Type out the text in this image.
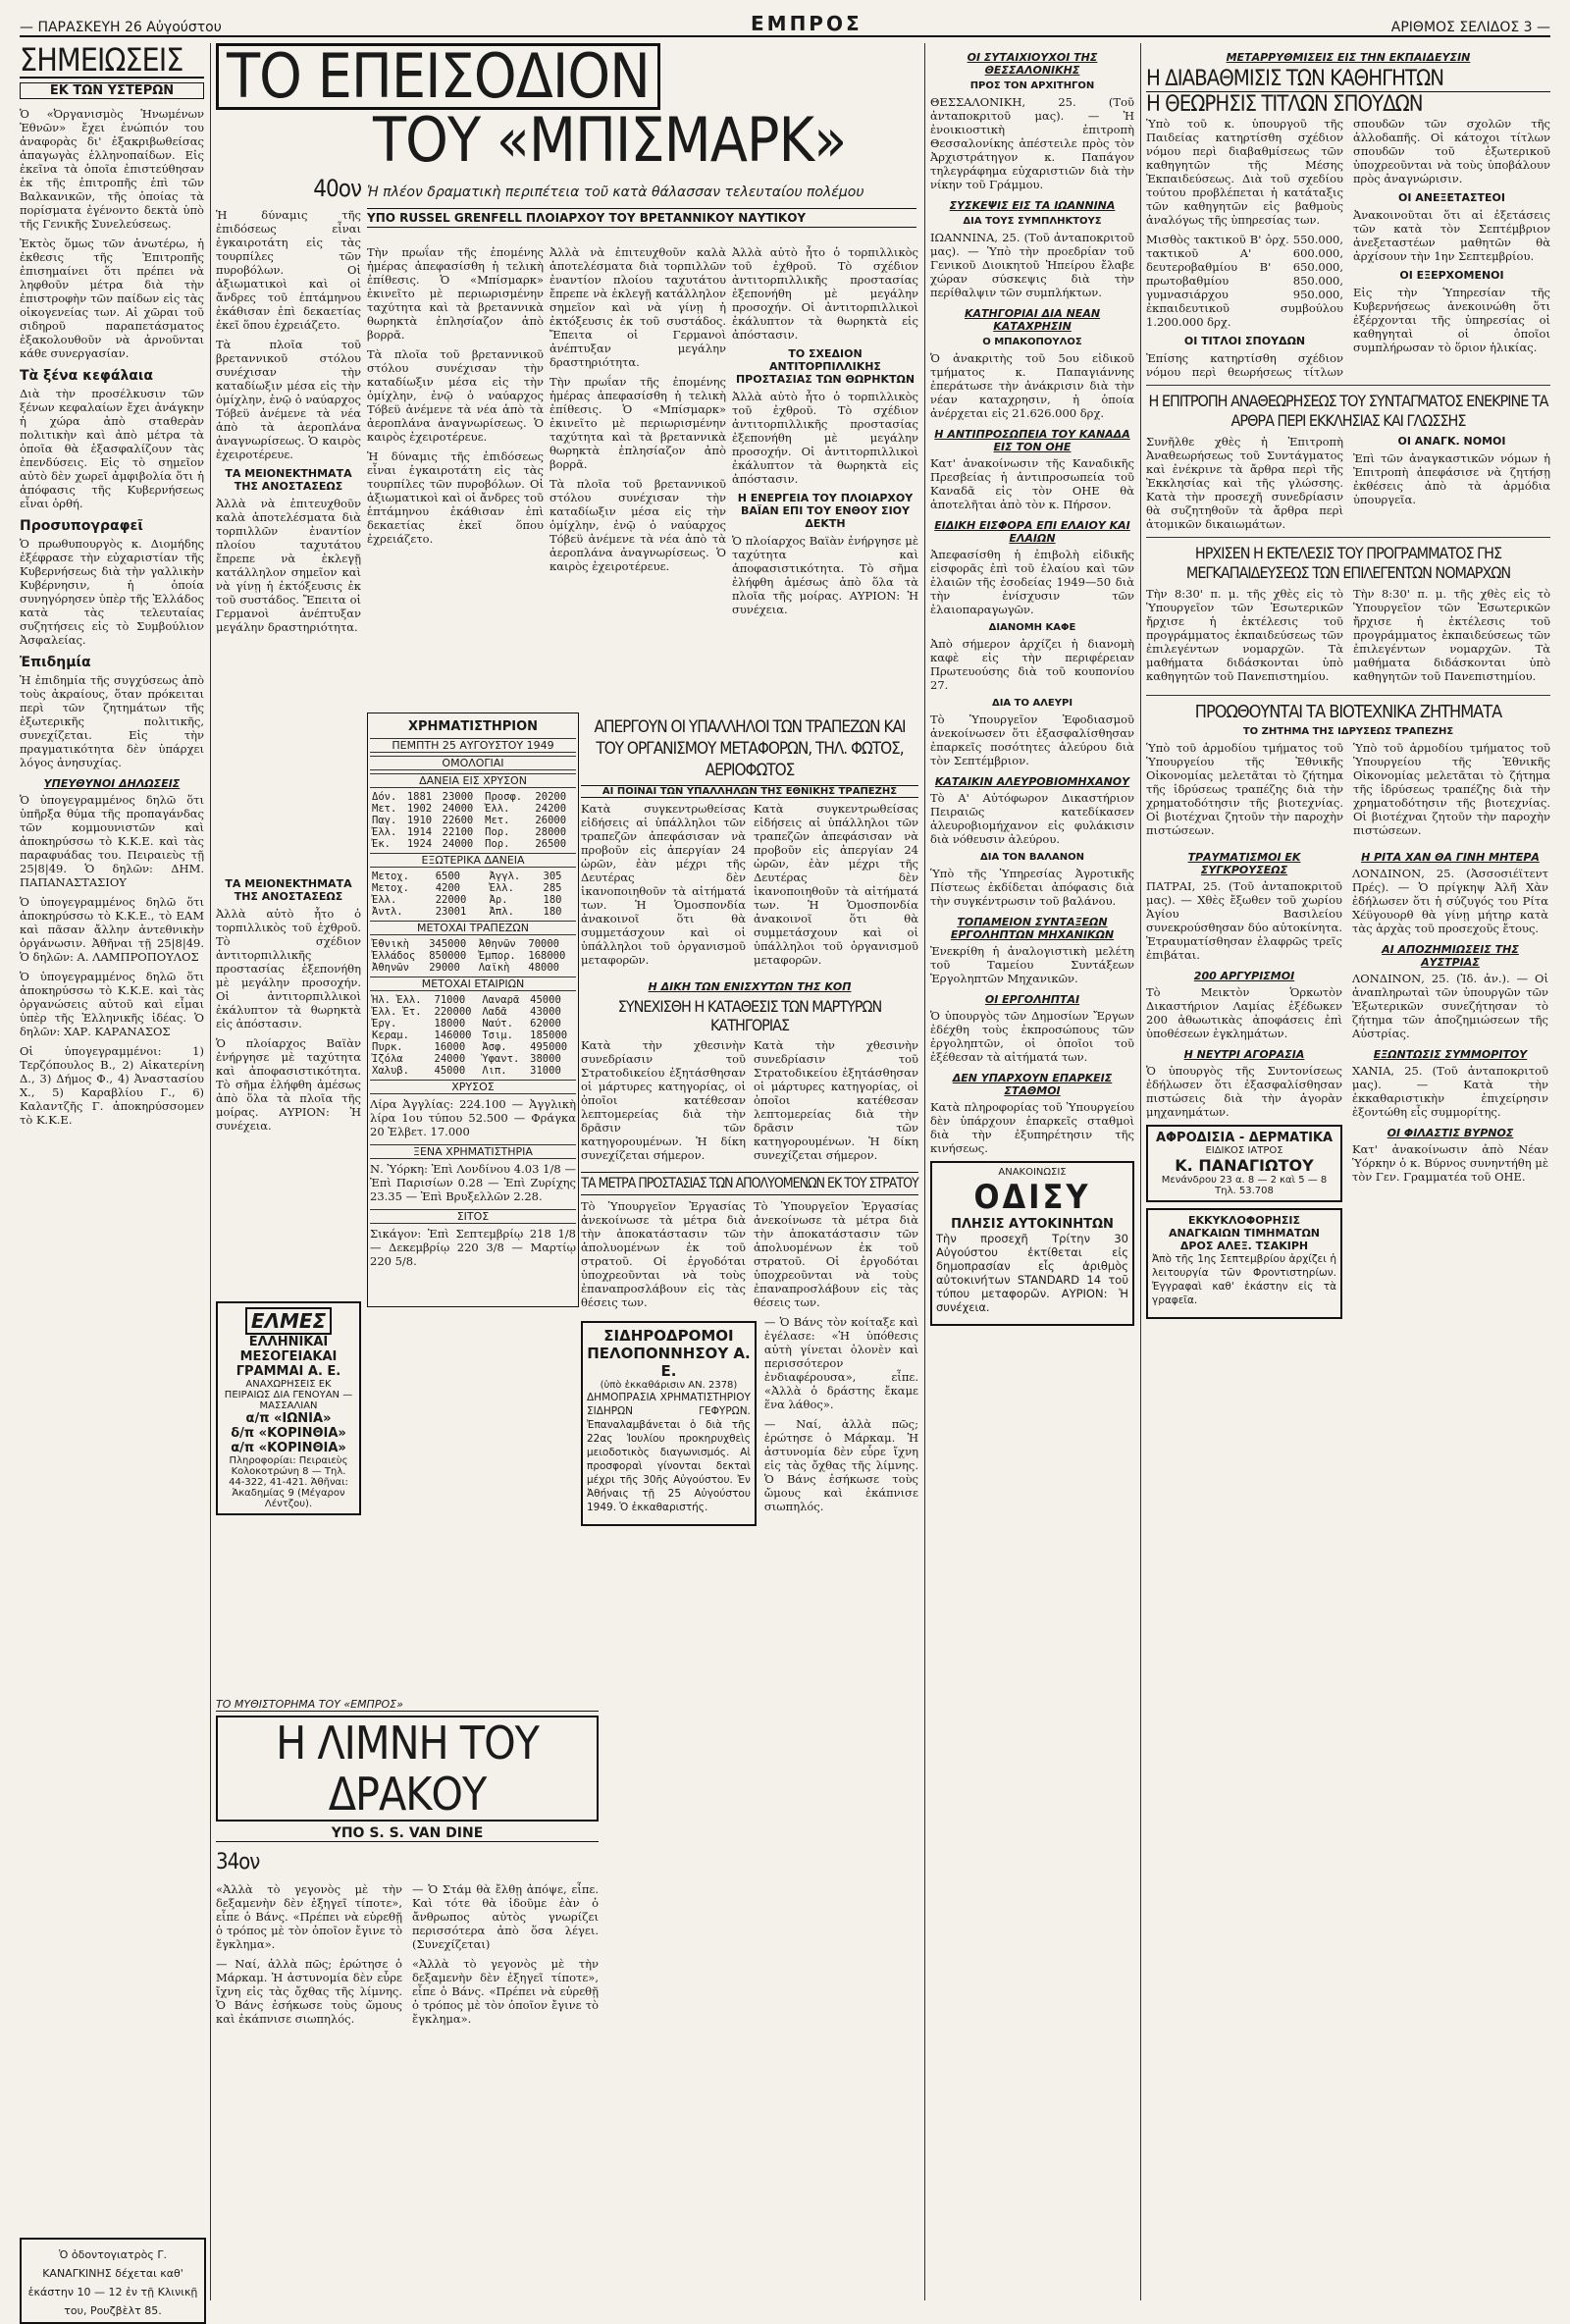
— ΠΑΡΑΣΚΕΥΗ 26 Αὐγούστου	ΕΜΠΡΟΣ	ΑΡΙΘΜΟΣ ΣΕΛΙΔΟΣ 3 —
ΣΗΜΕΙΩΣΕΙΣ
ΕΚ ΤΩΝ ΥΣΤΕΡΩΝ

Ὁ «Ὀργανισμὸς Ἡνωμένων Ἐθνῶν» ἔχει ἐνώπιόν του ἀναφορὰς δι' ἐξακριβωθείσας ἀπαγωγὰς ἑλληνοπαίδων. Εἰς ἐκεῖνα τὰ ὁποῖα ἐπιστεύθησαν ἐκ τῆς ἐπιτροπῆς ἐπὶ τῶν Βαλκανικῶν, τῆς ὁποίας τὰ πορίσματα ἐγένοντο δεκτὰ ὑπὸ τῆς Γενικῆς Συνελεύσεως.

Ἐκτὸς ὅμως τῶν ἀνωτέρω, ἡ ἐκθεσις τῆς Ἐπιτροπῆς ἐπισημαίνει ὅτι πρέπει νὰ ληφθοῦν μέτρα διὰ τὴν ἐπιστροφὴν τῶν παίδων εἰς τὰς οἰκογενείας των. Αἱ χῶραι τοῦ σιδηροῦ παραπετάσματος ἐξακολουθοῦν νὰ ἀρνοῦνται κάθε συνεργασίαν.

Τὰ ξένα κεφάλαια

Διὰ τὴν προσέλκυσιν τῶν ξένων κεφαλαίων ἔχει ἀνάγκην ἡ χώρα ἀπὸ σταθερὰν πολιτικὴν καὶ ἀπὸ μέτρα τὰ ὁποῖα θὰ ἐξασφαλίζουν τὰς ἐπενδύσεις. Εἰς τὸ σημεῖον αὐτὸ δὲν χωρεῖ ἀμφιβολία ὅτι ἡ ἀπόφασις τῆς Κυβερνήσεως εἶναι ὀρθή.

Προσυπογραφεῖ

Ὁ πρωθυπουργὸς κ. Διομήδης ἐξέφρασε τὴν εὐχαριστίαν τῆς Κυβερνήσεως διὰ τὴν γαλλικὴν Κυβέρνησιν, ἡ ὁποία συνηγόρησεν ὑπὲρ τῆς Ἑλλάδος κατὰ τὰς τελευταίας συζητήσεις εἰς τὸ Συμβούλιον Ἀσφαλείας.

Ἐπιδημία

Ἡ ἐπιδημία τῆς συγχύσεως ἀπὸ τοὺς ἀκραίους, ὅταν πρόκειται περὶ τῶν ζητημάτων τῆς ἐξωτερικῆς πολιτικῆς, συνεχίζεται. Εἰς τὴν πραγματικότητα δὲν ὑπάρχει λόγος ἀνησυχίας.

ΥΠΕΥΘΥΝΟΙ ΔΗΛΩΣΕΙΣ

Ὁ ὑπογεγραμμένος δηλῶ ὅτι ὑπῆρξα θύμα τῆς προπαγάνδας τῶν κομμουνιστῶν καὶ ἀποκηρύσσω τὸ Κ.Κ.Ε. καὶ τὰς παραφυάδας του. Πειραιεὺς τῇ 25|8|49. Ὁ δηλῶν: ΔΗΜ. ΠΑΠΑΝΑΣΤΑΣΙΟΥ

Ὁ ὑπογεγραμμένος δηλῶ ὅτι ἀποκηρύσσω τὸ Κ.Κ.Ε., τὸ ΕΑΜ καὶ πᾶσαν ἄλλην ἀντεθνικὴν ὀργάνωσιν. Ἀθῆναι τῇ 25|8|49. Ὁ δηλῶν: Α. ΛΑΜΠΡΟΠΟΥΛΟΣ

Ὁ ὑπογεγραμμένος δηλῶ ὅτι ἀποκηρύσσω τὸ Κ.Κ.Ε. καὶ τὰς ὀργανώσεις αὐτοῦ καὶ εἶμαι ὑπὲρ τῆς Ἑλληνικῆς ἰδέας. Ὁ δηλῶν: ΧΑΡ. ΚΑΡΑΝΑΣΟΣ

Οἱ ὑπογεγραμμένοι: 1) Τερζόπουλος Β., 2) Αἰκατερίνη Δ., 3) Δήμος Φ., 4) Ἀναστασίου Χ., 5) Καραβλίου Γ., 6) Καλαντζῆς Γ. ἀποκηρύσσομεν τὸ Κ.Κ.Ε.

Ὁ ὀδοντογιατρὸς Γ. ΚΑΝΑΓΚΙΝΗΣ δέχεται καθ' ἑκάστην 10 — 12 ἐν τῇ Κλινικῇ του, Ρουζβὲλτ 85.
ΤΟ ΕΠΕΙΣΟΔΙΟΝ
ΤΟΥ «ΜΠΙΣΜΑΡΚ»
40ον

Ἡ δύναμις τῆς ἐπιδόσεως εἶναι ἐγκαιροτάτη εἰς τὰς τουρπίλες τῶν πυροβόλων. Οἱ ἀξιωματικοὶ καὶ οἱ ἄνδρες τοῦ ἑπτάμηνου ἐκάθισαν ἐπὶ δεκαετίας ἐκεῖ ὅπου ἐχρειάζετο.

Τὰ πλοῖα τοῦ βρεταννικοῦ στόλου συνέχισαν τὴν καταδίωξιν μέσα εἰς τὴν ὁμίχλην, ἐνῷ ὁ ναύαρχος Τόβεϋ ἀνέμενε τὰ νέα ἀπὸ τὰ ἀεροπλάνα ἀναγνωρίσεως. Ὁ καιρὸς ἐχειροτέρευε.

ΤΑ ΜΕΙΟΝΕΚΤΗΜΑΤΑ ΤΗΣ ΑΝΟΣΤΑΣΕΩΣ

Ἀλλὰ νὰ ἐπιτευχθοῦν καλὰ ἀποτελέσματα διὰ τορπιλλῶν ἐναντίον πλοίου ταχυτάτου ἔπρεπε νὰ ἐκλεγῇ κατάλληλον σημεῖον καὶ νὰ γίνῃ ἡ ἐκτόξευσις ἐκ τοῦ συστάδος. Ἔπειτα οἱ Γερμανοὶ ἀνέπτυξαν μεγάλην δραστηριότητα.

Ἡ πλέον δραματικὴ περιπέτεια τοῦ κατὰ θάλασσαν τελευταίου πολέμου
ΥΠΟ RUSSEL GRENFELL ΠΛΟΙΑΡΧΟΥ ΤΟΥ ΒΡΕΤΑΝΝΙΚΟΥ ΝΑΥΤΙΚΟΥ

Τὴν πρωΐαν τῆς ἐπομένης ἡμέρας ἀπεφασίσθη ἡ τελικὴ ἐπίθεσις. Ὁ «Μπίσμαρκ» ἐκινεῖτο μὲ περιωρισμένην ταχύτητα καὶ τὰ βρεταννικὰ θωρηκτὰ ἐπλησίαζον ἀπὸ βορρᾶ.

Τὰ πλοῖα τοῦ βρεταννικοῦ στόλου συνέχισαν τὴν καταδίωξιν μέσα εἰς τὴν ὁμίχλην, ἐνῷ ὁ ναύαρχος Τόβεϋ ἀνέμενε τὰ νέα ἀπὸ τὰ ἀεροπλάνα ἀναγνωρίσεως. Ὁ καιρὸς ἐχειροτέρευε.

Ἡ δύναμις τῆς ἐπιδόσεως εἶναι ἐγκαιροτάτη εἰς τὰς τουρπίλες τῶν πυροβόλων. Οἱ ἀξιωματικοὶ καὶ οἱ ἄνδρες τοῦ ἑπτάμηνου ἐκάθισαν ἐπὶ δεκαετίας ἐκεῖ ὅπου ἐχρειάζετο.

Ἀλλὰ νὰ ἐπιτευχθοῦν καλὰ ἀποτελέσματα διὰ τορπιλλῶν ἐναντίον πλοίου ταχυτάτου ἔπρεπε νὰ ἐκλεγῇ κατάλληλον σημεῖον καὶ νὰ γίνῃ ἡ ἐκτόξευσις ἐκ τοῦ συστάδος. Ἔπειτα οἱ Γερμανοὶ ἀνέπτυξαν μεγάλην δραστηριότητα.

Τὴν πρωΐαν τῆς ἐπομένης ἡμέρας ἀπεφασίσθη ἡ τελικὴ ἐπίθεσις. Ὁ «Μπίσμαρκ» ἐκινεῖτο μὲ περιωρισμένην ταχύτητα καὶ τὰ βρεταννικὰ θωρηκτὰ ἐπλησίαζον ἀπὸ βορρᾶ.

Τὰ πλοῖα τοῦ βρεταννικοῦ στόλου συνέχισαν τὴν καταδίωξιν μέσα εἰς τὴν ὁμίχλην, ἐνῷ ὁ ναύαρχος Τόβεϋ ἀνέμενε τὰ νέα ἀπὸ τὰ ἀεροπλάνα ἀναγνωρίσεως. Ὁ καιρὸς ἐχειροτέρευε.

Ἀλλὰ αὐτὸ ἦτο ὁ τορπιλλικὸς τοῦ ἐχθροῦ. Τὸ σχέδιον ἀντιτορπιλλικῆς προστασίας ἐξεπονήθη μὲ μεγάλην προσοχήν. Οἱ ἀντιτορπιλλικοὶ ἐκάλυπτον τὰ θωρηκτὰ εἰς ἀπόστασιν.

ΤΟ ΣΧΕΔΙΟΝ ΑΝΤΙΤΟΡΠΙΛΛΙΚΗΣ ΠΡΟΣΤΑΣΙΑΣ ΤΩΝ ΘΩΡΗΚΤΩΝ

Ἀλλὰ αὐτὸ ἦτο ὁ τορπιλλικὸς τοῦ ἐχθροῦ. Τὸ σχέδιον ἀντιτορπιλλικῆς προστασίας ἐξεπονήθη μὲ μεγάλην προσοχήν. Οἱ ἀντιτορπιλλικοὶ ἐκάλυπτον τὰ θωρηκτὰ εἰς ἀπόστασιν.

Η ΕΝΕΡΓΕΙΑ ΤΟΥ ΠΛΟΙΑΡΧΟΥ ΒΑΪΑΝ ΕΠΙ ΤΟΥ ΕΝΘΟΥ ΣΙΟΥ ΔΕΚΤΗ

Ὁ πλοίαρχος Βαϊὰν ἐνήργησε μὲ ταχύτητα καὶ ἀποφασιστικότητα. Τὸ σῆμα ἐλήφθη ἀμέσως ἀπὸ ὅλα τὰ πλοῖα τῆς μοίρας. ΑΥΡΙΟΝ: Ἡ συνέχεια.

ΧΡΗΜΑΤΙΣΤΗΡΙΟΝ
ΠΕΜΠΤΗ 25 ΑΥΓΟΥΣΤΟΥ 1949
ΟΜΟΛΟΓΙΑΙ
ΔΑΝΕΙΑ ΕΙΣ ΧΡΥΣΟΝ
Δόν.	1881	23000	Προσφ.	20200
Μετ.	1902	24000	Ἐλλ.	24200
Παγ.	1910	22600	Μετ.	26000
Ἐλλ.	1914	22100	Πορ.	28000
Ἐκ.	1924	24000	Πορ.	26500
ΕΞΩΤΕΡΙΚΑ ΔΑΝΕΙΑ
Μετοχ.	6500	Ἀγγλ.	305
Μετοχ.	4200	Ἐλλ.	285
Ἐλλ.	22000	Ἀρ.	180
Ἀντλ.	23001	Ἀπλ.	180
ΜΕΤΟΧΑΙ ΤΡΑΠΕΖΩΝ
Ἐθνικὴ	345000	Ἀθηνῶν	70000
Ἐλλάδος	850000	Ἐμπορ.	168000
Ἀθηνῶν	29000	Λαϊκὴ	48000
ΜΕΤΟΧΑΙ ΕΤΑΙΡΙΩΝ
Ἡλ. Ἑλλ.	71000	Λαναρᾶ	45000
Ἑλλ. Ἑτ.	220000	Λαδᾶ	43000
Ἐργ.	18000	Ναύτ.	62000
Κεραμ.	146000	Τσιμ.	185000
Πυρκ.	16000	Ἀσφ.	495000
Ἰζόλα	24000	Ὑφαντ.	38000
Χαλυβ.	45000	Λιπ.	31000
ΧΡΥΣΟΣ

Λίρα Ἀγγλίας: 224.100 — Ἀγγλικὴ λίρα 1ου τύπου 52.500 — Φράγκα 20 Ἑλβετ. 17.000

ΞΕΝΑ ΧΡΗΜΑΤΙΣΤΗΡΙΑ

Ν. Ὑόρκη: Ἐπὶ Λονδίνου 4.03 1/8 — Ἐπὶ Παρισίων 0.28 — Ἐπὶ Ζυρίχης 23.35 — Ἐπὶ Βρυξελλῶν 2.28.

ΣΙΤΟΣ

Σικάγον: Ἐπὶ Σεπτεμβρίῳ 218 1/8 — Δεκεμβρίῳ 220 3/8 — Μαρτίῳ 220 5/8.

ΤΑ ΜΕΙΟΝΕΚΤΗΜΑΤΑ ΤΗΣ ΑΝΟΣΤΑΣΕΩΣ

Ἀλλὰ αὐτὸ ἦτο ὁ τορπιλλικὸς τοῦ ἐχθροῦ. Τὸ σχέδιον ἀντιτορπιλλικῆς προστασίας ἐξεπονήθη μὲ μεγάλην προσοχήν. Οἱ ἀντιτορπιλλικοὶ ἐκάλυπτον τὰ θωρηκτὰ εἰς ἀπόστασιν.

Ὁ πλοίαρχος Βαϊὰν ἐνήργησε μὲ ταχύτητα καὶ ἀποφασιστικότητα. Τὸ σῆμα ἐλήφθη ἀμέσως ἀπὸ ὅλα τὰ πλοῖα τῆς μοίρας. ΑΥΡΙΟΝ: Ἡ συνέχεια.

ΕΛΜΕΣ
ΕΛΛΗΝΙΚΑΙ ΜΕΣΟΓΕΙΑΚΑΙ ΓΡΑΜΜΑΙ Α. Ε.
ΑΝΑΧΩΡΗΣΕΙΣ ΕΚ ΠΕΙΡΑΙΩΣ ΔΙΑ ΓΕΝΟΥΑΝ — ΜΑΣΣΑΛΙΑΝ
α/π «ΙΩΝΙΑ»
δ/π «ΚΟΡΙΝΘΙΑ»
α/π «ΚΟΡΙΝΘΙΑ»
Πληροφορίαι: Πειραιεὺς Κολοκοτρώνη 8 — Τηλ. 44-322, 41-421. Ἀθῆναι: Ἀκαδημίας 9 (Μέγαρον Λέντζου).
ΤΟ ΜΥΘΙΣΤΟΡΗΜΑ ΤΟΥ «ΕΜΠΡΟΣ»
Η ΛΙΜΝΗ ΤΟΥ ΔΡΑΚΟΥ
ΥΠΟ S. S. VAN DINE
34ον

«Ἀλλὰ τὸ γεγονὸς μὲ τὴν δεξαμενὴν δὲν ἐξηγεῖ τίποτε», εἶπε ὁ Βάνς. «Πρέπει νὰ εὑρεθῇ ὁ τρόπος μὲ τὸν ὁποῖον ἔγινε τὸ ἔγκλημα».

— Ναί, ἀλλὰ πῶς; ἐρώτησε ὁ Μάρκαμ. Ἡ ἀστυνομία δὲν εὗρε ἴχνη εἰς τὰς ὄχθας τῆς λίμνης. Ὁ Βάνς ἐσήκωσε τοὺς ὤμους καὶ ἐκάπνισε σιωπηλός.

— Ὁ Στάμ θὰ ἔλθῃ ἀπόψε, εἶπε. Καὶ τότε θὰ ἰδοῦμε ἐὰν ὁ ἄνθρωπος αὐτὸς γνωρίζει περισσότερα ἀπὸ ὅσα λέγει. (Συνεχίζεται)

«Ἀλλὰ τὸ γεγονὸς μὲ τὴν δεξαμενὴν δὲν ἐξηγεῖ τίποτε», εἶπε ὁ Βάνς. «Πρέπει νὰ εὑρεθῇ ὁ τρόπος μὲ τὸν ὁποῖον ἔγινε τὸ ἔγκλημα».

ΑΠΕΡΓΟΥΝ ΟΙ ΥΠΑΛΛΗΛΟΙ ΤΩΝ ΤΡΑΠΕΖΩΝ ΚΑΙ ΤΟΥ ΟΡΓΑΝΙΣΜΟΥ ΜΕΤΑΦΟΡΩΝ, ΤΗΛ. ΦΩΤΟΣ, ΑΕΡΙΟΦΩΤΟΣ
ΑΙ ΠΟΙΝΑΙ ΤΩΝ ΥΠΑΛΛΗΛΩΝ ΤΗΣ ΕΘΝΙΚΗΣ ΤΡΑΠΕΖΗΣ

Κατὰ συγκεντρωθείσας εἰδήσεις αἱ ὑπάλληλοι τῶν τραπεζῶν ἀπεφάσισαν νὰ προβοῦν εἰς ἀπεργίαν 24 ὡρῶν, ἐὰν μέχρι τῆς Δευτέρας δὲν ἱκανοποιηθοῦν τὰ αἰτήματά των. Ἡ Ὁμοσπονδία ἀνακοινοῖ ὅτι θὰ συμμετάσχουν καὶ οἱ ὑπάλληλοι τοῦ ὀργανισμοῦ μεταφορῶν.

Κατὰ συγκεντρωθείσας εἰδήσεις αἱ ὑπάλληλοι τῶν τραπεζῶν ἀπεφάσισαν νὰ προβοῦν εἰς ἀπεργίαν 24 ὡρῶν, ἐὰν μέχρι τῆς Δευτέρας δὲν ἱκανοποιηθοῦν τὰ αἰτήματά των. Ἡ Ὁμοσπονδία ἀνακοινοῖ ὅτι θὰ συμμετάσχουν καὶ οἱ ὑπάλληλοι τοῦ ὀργανισμοῦ μεταφορῶν.

Η ΔΙΚΗ ΤΩΝ ΕΝΙΣΧΥΤΩΝ ΤΗΣ ΚΟΠ
ΣΥΝΕΧΙΣΘΗ Η ΚΑΤΑΘΕΣΙΣ ΤΩΝ ΜΑΡΤΥΡΩΝ ΚΑΤΗΓΟΡΙΑΣ

Κατὰ τὴν χθεσινὴν συνεδρίασιν τοῦ Στρατοδικείου ἐξητάσθησαν οἱ μάρτυρες κατηγορίας, οἱ ὁποῖοι κατέθεσαν λεπτομερείας διὰ τὴν δρᾶσιν τῶν κατηγορουμένων. Ἡ δίκη συνεχίζεται σήμερον.

Κατὰ τὴν χθεσινὴν συνεδρίασιν τοῦ Στρατοδικείου ἐξητάσθησαν οἱ μάρτυρες κατηγορίας, οἱ ὁποῖοι κατέθεσαν λεπτομερείας διὰ τὴν δρᾶσιν τῶν κατηγορουμένων. Ἡ δίκη συνεχίζεται σήμερον.

ΤΑ ΜΕΤΡΑ ΠΡΟΣΤΑΣΙΑΣ ΤΩΝ ΑΠΟΛΥΟΜΕΝΩΝ ΕΚ ΤΟΥ ΣΤΡΑΤΟΥ

Τὸ Ὑπουργεῖον Ἐργασίας ἀνεκοίνωσε τὰ μέτρα διὰ τὴν ἀποκατάστασιν τῶν ἀπολυομένων ἐκ τοῦ στρατοῦ. Οἱ ἐργοδόται ὑποχρεοῦνται νὰ τοὺς ἐπαναπροσλάβουν εἰς τὰς θέσεις των.

Τὸ Ὑπουργεῖον Ἐργασίας ἀνεκοίνωσε τὰ μέτρα διὰ τὴν ἀποκατάστασιν τῶν ἀπολυομένων ἐκ τοῦ στρατοῦ. Οἱ ἐργοδόται ὑποχρεοῦνται νὰ τοὺς ἐπαναπροσλάβουν εἰς τὰς θέσεις των.

ΣΙΔΗΡΟΔΡΟΜΟΙ ΠΕΛΟΠΟΝΝΗΣΟΥ Α. Ε.
(ὑπὸ ἐκκαθάρισιν ΑΝ. 2378)

ΔΗΜΟΠΡΑΣΙΑ ΧΡΗΜΑΤΙΣΤΗΡΙΟΥ ΣΙΔΗΡΩΝ ΓΕΦΥΡΩΝ. Ἐπαναλαμβάνεται ὁ διὰ τῆς 22ας Ἰουλίου προκηρυχθεὶς μειοδοτικὸς διαγωνισμός. Αἱ προσφοραὶ γίνονται δεκταὶ μέχρι τῆς 30ῆς Αὐγούστου. Ἐν Ἀθήναις τῇ 25 Αὐγούστου 1949. Ὁ ἐκκαθαριστής.

— Ὁ Βάνς τὸν κοίταξε καὶ ἐγέλασε: «Ἡ ὑπόθεσις αὐτὴ γίνεται ὁλονὲν καὶ περισσότερον ἐνδιαφέρουσα», εἶπε. «Ἀλλὰ ὁ δράστης ἔκαμε ἕνα λάθος».

— Ναί, ἀλλὰ πῶς; ἐρώτησε ὁ Μάρκαμ. Ἡ ἀστυνομία δὲν εὗρε ἴχνη εἰς τὰς ὄχθας τῆς λίμνης. Ὁ Βάνς ἐσήκωσε τοὺς ὤμους καὶ ἐκάπνισε σιωπηλός.

ΟΙ ΣΥΤΑΙΧΙΟΥΧΟΙ ΤΗΣ ΘΕΣΣΑΛΟΝΙΚΗΣ
ΠΡΟΣ ΤΟΝ ΑΡΧΙΤΗΓΟΝ

ΘΕΣΣΑΛΟΝΙΚΗ, 25. (Τοῦ ἀνταποκριτοῦ μας). — Ἡ ἐνοικιοστικὴ ἐπιτροπὴ Θεσσαλονίκης ἀπέστειλε πρὸς τὸν Ἀρχιστράτηγον κ. Παπάγον τηλεγράφημα εὐχαριστιῶν διὰ τὴν νίκην τοῦ Γράμμου.

ΣΥΣΚΕΨΙΣ ΕΙΣ ΤΑ ΙΩΑΝΝΙΝΑ
ΔΙΑ ΤΟΥΣ ΣΥΜΠΛΗΚΤΟΥΣ

ΙΩΑΝΝΙΝΑ, 25. (Τοῦ ἀνταποκριτοῦ μας). — Ὑπὸ τὴν προεδρίαν τοῦ Γενικοῦ Διοικητοῦ Ἠπείρου ἔλαβε χώραν σύσκεψις διὰ τὴν περίθαλψιν τῶν συμπλήκτων.

ΚΑΤΗΓΟΡΙΑΙ ΔΙΑ ΝΕΑΝ ΚΑΤΑΧΡΗΣΙΝ
Ο ΜΠΑΚΟΠΟΥΛΟΣ

Ὁ ἀνακριτὴς τοῦ 5ου εἰδικοῦ τμήματος κ. Παπαγιάννης ἐπεράτωσε τὴν ἀνάκρισιν διὰ τὴν νέαν καταχρησιν, ἡ ὁποία ἀνέρχεται εἰς 21.626.000 δρχ.

Η ΑΝΤΙΠΡΟΣΩΠΕΙΑ ΤΟΥ ΚΑΝΑΔΑ ΕΙΣ ΤΟΝ ΟΗΕ

Κατ' ἀνακοίνωσιν τῆς Καναδικῆς Πρεσβείας ἡ ἀντιπροσωπεία τοῦ Καναδᾶ εἰς τὸν ΟΗΕ θὰ ἀποτελῆται ἀπὸ τὸν κ. Πήρσον.

ΕΙΔΙΚΗ ΕΙΣΦΟΡΑ ΕΠΙ ΕΛΑΙΟΥ ΚΑΙ ΕΛΑΙΩΝ

Ἀπεφασίσθη ἡ ἐπιβολὴ εἰδικῆς εἰσφορᾶς ἐπὶ τοῦ ἐλαίου καὶ τῶν ἐλαιῶν τῆς ἐσοδείας 1949—50 διὰ τὴν ἐνίσχυσιν τῶν ἐλαιοπαραγωγῶν.

ΔΙΑΝΟΜΗ ΚΑΦΕ

Ἀπὸ σήμερον ἀρχίζει ἡ διανομὴ καφὲ εἰς τὴν περιφέρειαν Πρωτευούσης διὰ τοῦ κουπονίου 27.

ΔΙΑ ΤΟ ΑΛΕΥΡΙ

Τὸ Ὑπουργεῖον Ἐφοδιασμοῦ ἀνεκοίνωσεν ὅτι ἐξασφαλίσθησαν ἐπαρκεῖς ποσότητες ἀλεύρου διὰ τὸν Σεπτέμβριον.

ΚΑΤΑΙΚΙΝ ΑΛΕΥΡΟΒΙΟΜΗΧΑΝΟΥ

Τὸ Α' Αὐτόφωρον Δικαστήριον Πειραιῶς κατεδίκασεν ἀλευροβιομήχανον εἰς φυλάκισιν διὰ νόθευσιν ἀλεύρου.

ΔΙΑ ΤΟΝ ΒΑΛΑΝΟΝ

Ὑπὸ τῆς Ὑπηρεσίας Ἀγροτικῆς Πίστεως ἐκδίδεται ἀπόφασις διὰ τὴν συγκέντρωσιν τοῦ βαλάνου.

ΤΟΠΑΜΕΙΟΝ ΣΥΝΤΑΞΕΩΝ ΕΡΓΟΛΗΠΤΩΝ ΜΗΧΑΝΙΚΩΝ

Ἐνεκρίθη ἡ ἀναλογιστικὴ μελέτη τοῦ Ταμείου Συντάξεων Ἐργοληπτῶν Μηχανικῶν.

ΟΙ ΕΡΓΟΛΗΠΤΑΙ

Ὁ ὑπουργὸς τῶν Δημοσίων Ἔργων ἐδέχθη τοὺς ἐκπροσώπους τῶν ἐργοληπτῶν, οἱ ὁποῖοι τοῦ ἐξέθεσαν τὰ αἰτήματά των.

ΔΕΝ ΥΠΑΡΧΟΥΝ ΕΠΑΡΚΕΙΣ ΣΤΑΘΜΟΙ

Κατὰ πληροφορίας τοῦ Ὑπουργείου δὲν ὑπάρχουν ἐπαρκεῖς σταθμοὶ διὰ τὴν ἐξυπηρέτησιν τῆς κινήσεως.

ΑΝΑΚΟΙΝΩΣΙΣ
ΟΔΙΣΥ
ΠΛΗΣΙΣ ΑΥΤΟΚΙΝΗΤΩΝ

Τὴν προσεχῆ Τρίτην 30 Αὐγούστου ἐκτίθεται εἰς δημοπρασίαν εἷς ἀριθμὸς αὐτοκινήτων STANDARD 14 τοῦ τύπου μεταφορῶν. ΑΥΡΙΟΝ: Ἡ συνέχεια.

ΜΕΤΑΡΡΥΘΜΙΣΕΙΣ ΕΙΣ ΤΗΝ ΕΚΠΑΙΔΕΥΣΙΝ
Η ΔΙΑΒΑΘΜΙΣΙΣ ΤΩΝ ΚΑΘΗΓΗΤΩΝ
Η ΘΕΩΡΗΣΙΣ ΤΙΤΛΩΝ ΣΠΟΥΔΩΝ

Ὑπὸ τοῦ κ. ὑπουργοῦ τῆς Παιδείας κατηρτίσθη σχέδιον νόμου περὶ διαβαθμίσεως τῶν καθηγητῶν τῆς Μέσης Ἐκπαιδεύσεως. Διὰ τοῦ σχεδίου τούτου προβλέπεται ἡ κατάταξις τῶν καθηγητῶν εἰς βαθμοὺς ἀναλόγως τῆς ὑπηρεσίας των.

Μισθὸς τακτικοῦ Β' ὀρχ. 550.000, τακτικοῦ Α' 600.000, δευτεροβαθμίου Β' 650.000, πρωτοβαθμίου 850.000, γυμνασιάρχου 950.000, ἐκπαιδευτικοῦ συμβούλου 1.200.000 δρχ.

ΟΙ ΤΙΤΛΟΙ ΣΠΟΥΔΩΝ

Ἐπίσης κατηρτίσθη σχέδιον νόμου περὶ θεωρήσεως τίτλων σπουδῶν τῶν σχολῶν τῆς ἀλλοδαπῆς. Οἱ κάτοχοι τίτλων σπουδῶν τοῦ ἐξωτερικοῦ ὑποχρεοῦνται νὰ τοὺς ὑποβάλουν πρὸς ἀναγνώρισιν.

ΟΙ ΑΝΕΞΕΤΑΣΤΕΟΙ

Ἀνακοινοῦται ὅτι αἱ ἐξετάσεις τῶν κατὰ τὸν Σεπτέμβριον ἀνεξεταστέων μαθητῶν θὰ ἀρχίσουν τὴν 1ην Σεπτεμβρίου.

ΟΙ ΕΞΕΡΧΟΜΕΝΟΙ

Εἰς τὴν Ὑπηρεσίαν τῆς Κυβερνήσεως ἀνεκοινώθη ὅτι ἐξέρχονται τῆς ὑπηρεσίας οἱ καθηγηταὶ οἱ ὁποῖοι συμπλήρωσαν τὸ ὅριον ἡλικίας.

Η ΕΠΙΤΡΟΠΗ ΑΝΑΘΕΩΡΗΣΕΩΣ ΤΟΥ ΣΥΝΤΑΓΜΑΤΟΣ ΕΝΕΚΡΙΝΕ ΤΑ ΑΡΘΡΑ ΠΕΡΙ ΕΚΚΛΗΣΙΑΣ ΚΑΙ ΓΛΩΣΣΗΣ

Συνῆλθε χθὲς ἡ Ἐπιτροπὴ Ἀναθεωρήσεως τοῦ Συντάγματος καὶ ἐνέκρινε τὰ ἄρθρα περὶ τῆς Ἐκκλησίας καὶ τῆς γλώσσης. Κατὰ τὴν προσεχῆ συνεδρίασιν θὰ συζητηθοῦν τὰ ἄρθρα περὶ ἀτομικῶν δικαιωμάτων.

ΟΙ ΑΝΑΓΚ. ΝΟΜΟΙ

Ἐπὶ τῶν ἀναγκαστικῶν νόμων ἡ Ἐπιτροπὴ ἀπεφάσισε νὰ ζητήσῃ ἐκθέσεις ἀπὸ τὰ ἁρμόδια ὑπουργεῖα.

ΗΡΧΙΣΕΝ Η ΕΚΤΕΛΕΣΙΣ ΤΟΥ ΠΡΟΓΡΑΜΜΑΤΟΣ ΓΗΣ ΜΕΓΚΑΠΑΙΔΕΥΣΕΩΣ ΤΩΝ ΕΠΙΛΕΓΕΝΤΩΝ ΝΟΜΑΡΧΩΝ

Τὴν 8:30' π. μ. τῆς χθὲς εἰς τὸ Ὑπουργεῖον τῶν Ἐσωτερικῶν ἤρχισε ἡ ἐκτέλεσις τοῦ προγράμματος ἐκπαιδεύσεως τῶν ἐπιλεγέντων νομαρχῶν. Τὰ μαθήματα διδάσκονται ὑπὸ καθηγητῶν τοῦ Πανεπιστημίου.

Τὴν 8:30' π. μ. τῆς χθὲς εἰς τὸ Ὑπουργεῖον τῶν Ἐσωτερικῶν ἤρχισε ἡ ἐκτέλεσις τοῦ προγράμματος ἐκπαιδεύσεως τῶν ἐπιλεγέντων νομαρχῶν. Τὰ μαθήματα διδάσκονται ὑπὸ καθηγητῶν τοῦ Πανεπιστημίου.

ΠΡΟΩΘΟΥΝΤΑΙ ΤΑ ΒΙΟΤΕΧΝΙΚΑ ΖΗΤΗΜΑΤΑ
ΤΟ ΖΗΤΗΜΑ ΤΗΣ ΙΔΡΥΣΕΩΣ ΤΡΑΠΕΖΗΣ

Ὑπὸ τοῦ ἁρμοδίου τμήματος τοῦ Ὑπουργείου τῆς Ἐθνικῆς Οἰκονομίας μελετᾶται τὸ ζήτημα τῆς ἱδρύσεως τραπέζης διὰ τὴν χρηματοδότησιν τῆς βιοτεχνίας. Οἱ βιοτέχναι ζητοῦν τὴν παροχὴν πιστώσεων.

Ὑπὸ τοῦ ἁρμοδίου τμήματος τοῦ Ὑπουργείου τῆς Ἐθνικῆς Οἰκονομίας μελετᾶται τὸ ζήτημα τῆς ἱδρύσεως τραπέζης διὰ τὴν χρηματοδότησιν τῆς βιοτεχνίας. Οἱ βιοτέχναι ζητοῦν τὴν παροχὴν πιστώσεων.

ΤΡΑΥΜΑΤΙΣΜΟΙ ΕΚ ΣΥΓΚΡΟΥΣΕΩΣ

ΠΑΤΡΑΙ, 25. (Τοῦ ἀνταποκριτοῦ μας). — Χθὲς ἔξωθεν τοῦ χωρίου Ἁγίου Βασιλείου συνεκρούσθησαν δύο αὐτοκίνητα. Ἐτραυματίσθησαν ἐλαφρῶς τρεῖς ἐπιβάται.

200 ΑΡΓΥΡΙΣΜΟΙ

Τὸ Μεικτὸν Ὁρκωτὸν Δικαστήριον Λαμίας ἐξέδωκεν 200 ἀθωωτικὰς ἀποφάσεις ἐπὶ ὑποθέσεων ἐγκλημάτων.

Η ΝΕΥΤΡΙ ΑΓΟΡΑΣΙΑ

Ὁ ὑπουργὸς τῆς Συντονίσεως ἐδήλωσεν ὅτι ἐξασφαλίσθησαν πιστώσεις διὰ τὴν ἀγορὰν μηχανημάτων.

ΑΦΡΟΔΙΣΙΑ - ΔΕΡΜΑΤΙΚΑ
ΕΙΔΙΚΟΣ ΙΑΤΡΟΣ
Κ. ΠΑΝΑΓΙΩΤΟΥ
Μενάνδρου 23 α. 8 — 2 καὶ 5 — 8 Τηλ. 53.708
ΕΚΚΥΚΛΟΦΟΡΗΣΙΣ ΑΝΑΓΚΑΙΩΝ ΤΙΜΗΜΑΤΩΝ ΔΡΟΣ ΑΛΕΞ. ΤΣΑΚΙΡΗ

Ἀπὸ τῆς 1ης Σεπτεμβρίου ἀρχίζει ἡ λειτουργία τῶν Φροντιστηρίων. Ἐγγραφαὶ καθ' ἑκάστην εἰς τὰ γραφεῖα.

Η ΡΙΤΑ ΧΑΝ ΘΑ ΓΙΝΗ ΜΗΤΕΡΑ

ΛΟΝΔΙΝΟΝ, 25. (Ἀσσοσιέϊτεντ Πρές). — Ὁ πρίγκηψ Ἀλῆ Χὰν ἐδήλωσεν ὅτι ἡ σύζυγός του Ρίτα Χέϋγουορθ θὰ γίνῃ μήτηρ κατὰ τὰς ἀρχὰς τοῦ προσεχοῦς ἔτους.

ΑΙ ΑΠΟΖΗΜΙΩΣΕΙΣ ΤΗΣ ΑΥΣΤΡΙΑΣ

ΛΟΝΔΙΝΟΝ, 25. (Ἰδ. ἀν.). — Οἱ ἀναπληρωταὶ τῶν ὑπουργῶν τῶν Ἐξωτερικῶν συνεζήτησαν τὸ ζήτημα τῶν ἀποζημιώσεων τῆς Αὐστρίας.

ΕΞΩΝΤΩΣΙΣ ΣΥΜΜΟΡΙΤΟΥ

ΧΑΝΙΑ, 25. (Τοῦ ἀνταποκριτοῦ μας). — Κατὰ τὴν ἐκκαθαριστικὴν ἐπιχείρησιν ἐξοντώθη εἷς συμμορίτης.

ΟΙ ΦΙΛΑΣΤΙΣ ΒΥΡΝΟΣ

Κατ' ἀνακοίνωσιν ἀπὸ Νέαν Ὑόρκην ὁ κ. Βύρνος συνηντήθη μὲ τὸν Γεν. Γραμματέα τοῦ ΟΗΕ.
